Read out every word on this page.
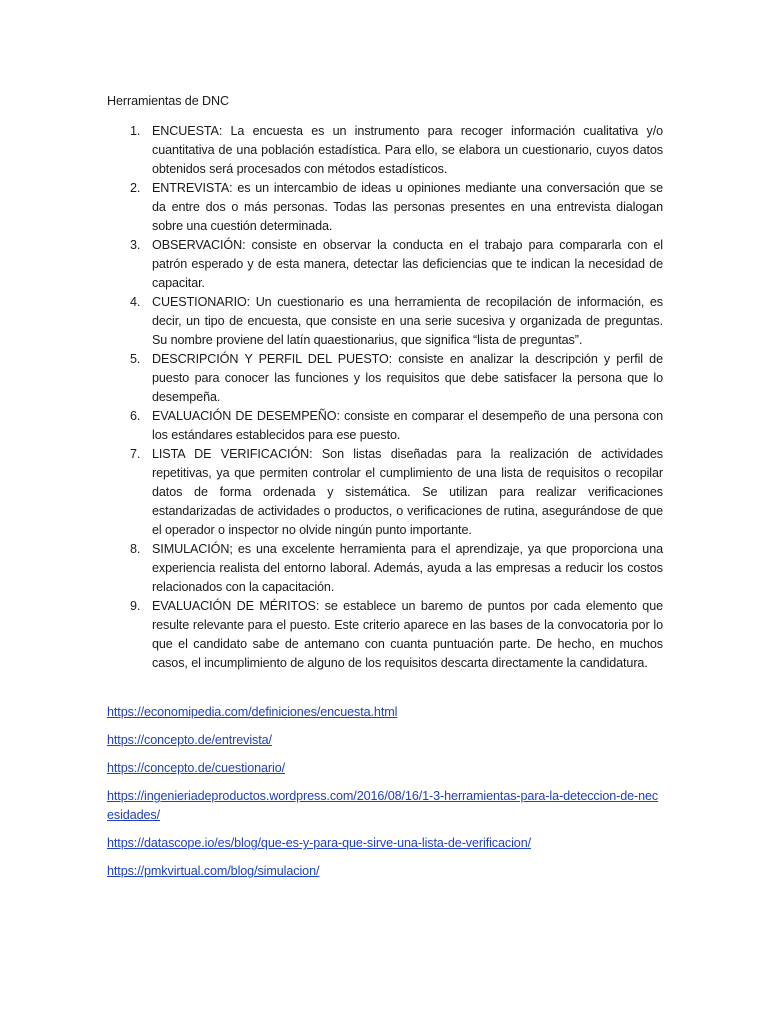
Herramientas de DNC
1. ENCUESTA: La encuesta es un instrumento para recoger información cualitativa y/o cuantitativa de una población estadística. Para ello, se elabora un cuestionario, cuyos datos obtenidos será procesados con métodos estadísticos.
2. ENTREVISTA: es un intercambio de ideas u opiniones mediante una conversación que se da entre dos o más personas. Todas las personas presentes en una entrevista dialogan sobre una cuestión determinada.
3. OBSERVACIÓN: consiste en observar la conducta en el trabajo para compararla con el patrón esperado y de esta manera, detectar las deficiencias que te indican la necesidad de capacitar.
4. CUESTIONARIO: Un cuestionario es una herramienta de recopilación de información, es decir, un tipo de encuesta, que consiste en una serie sucesiva y organizada de preguntas. Su nombre proviene del latín quaestionarius, que significa “lista de preguntas”.
5. DESCRIPCIÓN Y PERFIL DEL PUESTO: consiste en analizar la descripción y perfil de puesto para conocer las funciones y los requisitos que debe satisfacer la persona que lo desempeña.
6. EVALUACIÓN DE DESEMPEÑO: consiste en comparar el desempeño de una persona con los estándares establecidos para ese puesto.
7. LISTA DE VERIFICACIÓN: Son listas diseñadas para la realización de actividades repetitivas, ya que permiten controlar el cumplimiento de una lista de requisitos o recopilar datos de forma ordenada y sistemática. Se utilizan para realizar verificaciones estandarizadas de actividades o productos, o verificaciones de rutina, asegurándose de que el operador o inspector no olvide ningún punto importante.
8. SIMULACIÓN; es una excelente herramienta para el aprendizaje, ya que proporciona una experiencia realista del entorno laboral. Además, ayuda a las empresas a reducir los costos relacionados con la capacitación.
9. EVALUACIÓN DE MÉRITOS: se establece un baremo de puntos por cada elemento que resulte relevante para el puesto. Este criterio aparece en las bases de la convocatoria por lo que el candidato sabe de antemano con cuanta puntuación parte. De hecho, en muchos casos, el incumplimiento de alguno de los requisitos descarta directamente la candidatura.
https://economipedia.com/definiciones/encuesta.html
https://concepto.de/entrevista/
https://concepto.de/cuestionario/
https://ingenieriadeproductos.wordpress.com/2016/08/16/1-3-herramientas-para-la-deteccion-de-necesidades/
https://datascope.io/es/blog/que-es-y-para-que-sirve-una-lista-de-verificacion/
https://pmkvirtual.com/blog/simulacion/
